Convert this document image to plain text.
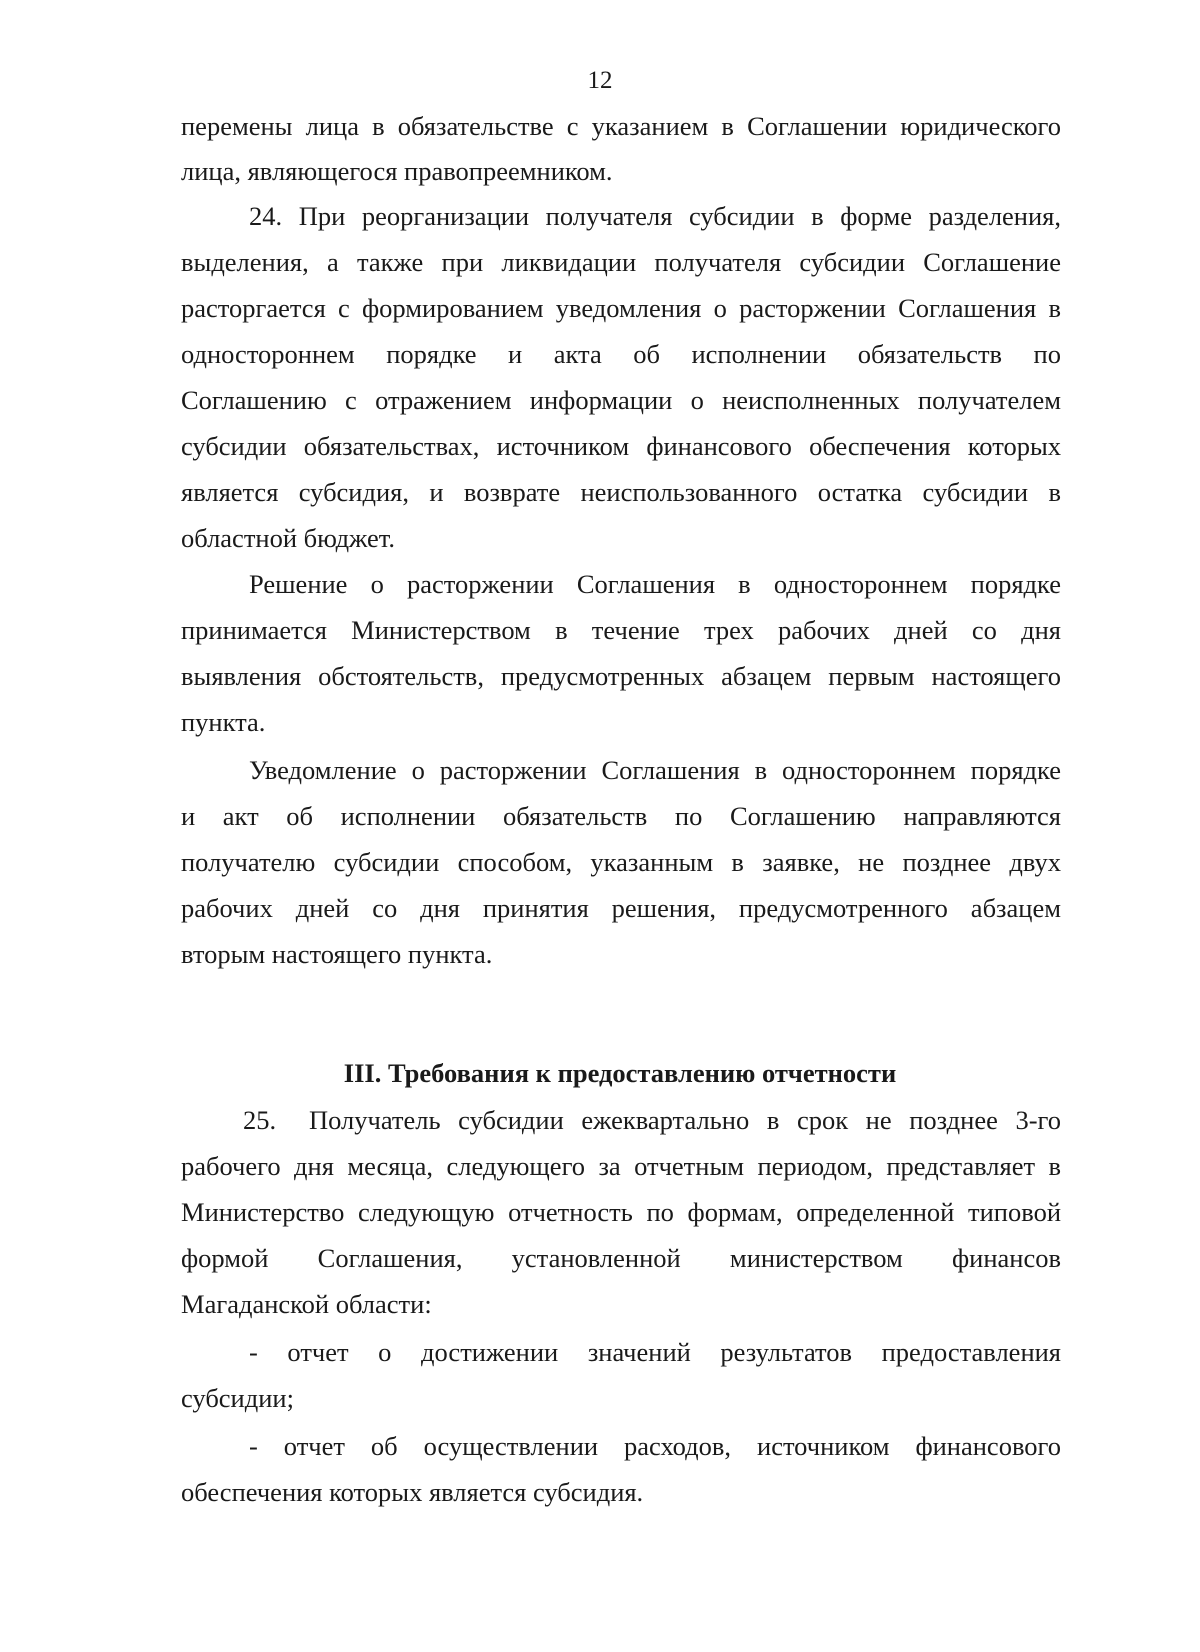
12
перемены лица в обязательстве с указанием в Соглашении юридического
лица, являющегося правопреемником.
24. При реорганизации получателя субсидии в форме разделения,
выделения, а также при ликвидации получателя субсидии Соглашение
расторгается с формированием уведомления о расторжении Соглашения в
одностороннем порядке и акта об исполнении обязательств по
Соглашению с отражением информации о неисполненных получателем
субсидии обязательствах, источником финансового обеспечения которых
является субсидия, и возврате неиспользованного остатка субсидии в
областной бюджет.
Решение о расторжении Соглашения в одностороннем порядке
принимается Министерством в течение трех рабочих дней со дня
выявления обстоятельств, предусмотренных абзацем первым настоящего
пункта.
Уведомление о расторжении Соглашения в одностороннем порядке
и акт об исполнении обязательств по Соглашению направляются
получателю субсидии способом, указанным в заявке, не позднее двух
рабочих дней со дня принятия решения, предусмотренного абзацем
вторым настоящего пункта.
III. Требования к предоставлению отчетности
25. Получатель субсидии ежеквартально в срок не позднее 3-го
рабочего дня месяца, следующего за отчетным периодом, представляет в
Министерство следующую отчетность по формам, определенной типовой
формой Соглашения, установленной министерством финансов
Магаданской области:
- отчет о достижении значений результатов предоставления
субсидии;
- отчет об осуществлении расходов, источником финансового
обеспечения которых является субсидия.
